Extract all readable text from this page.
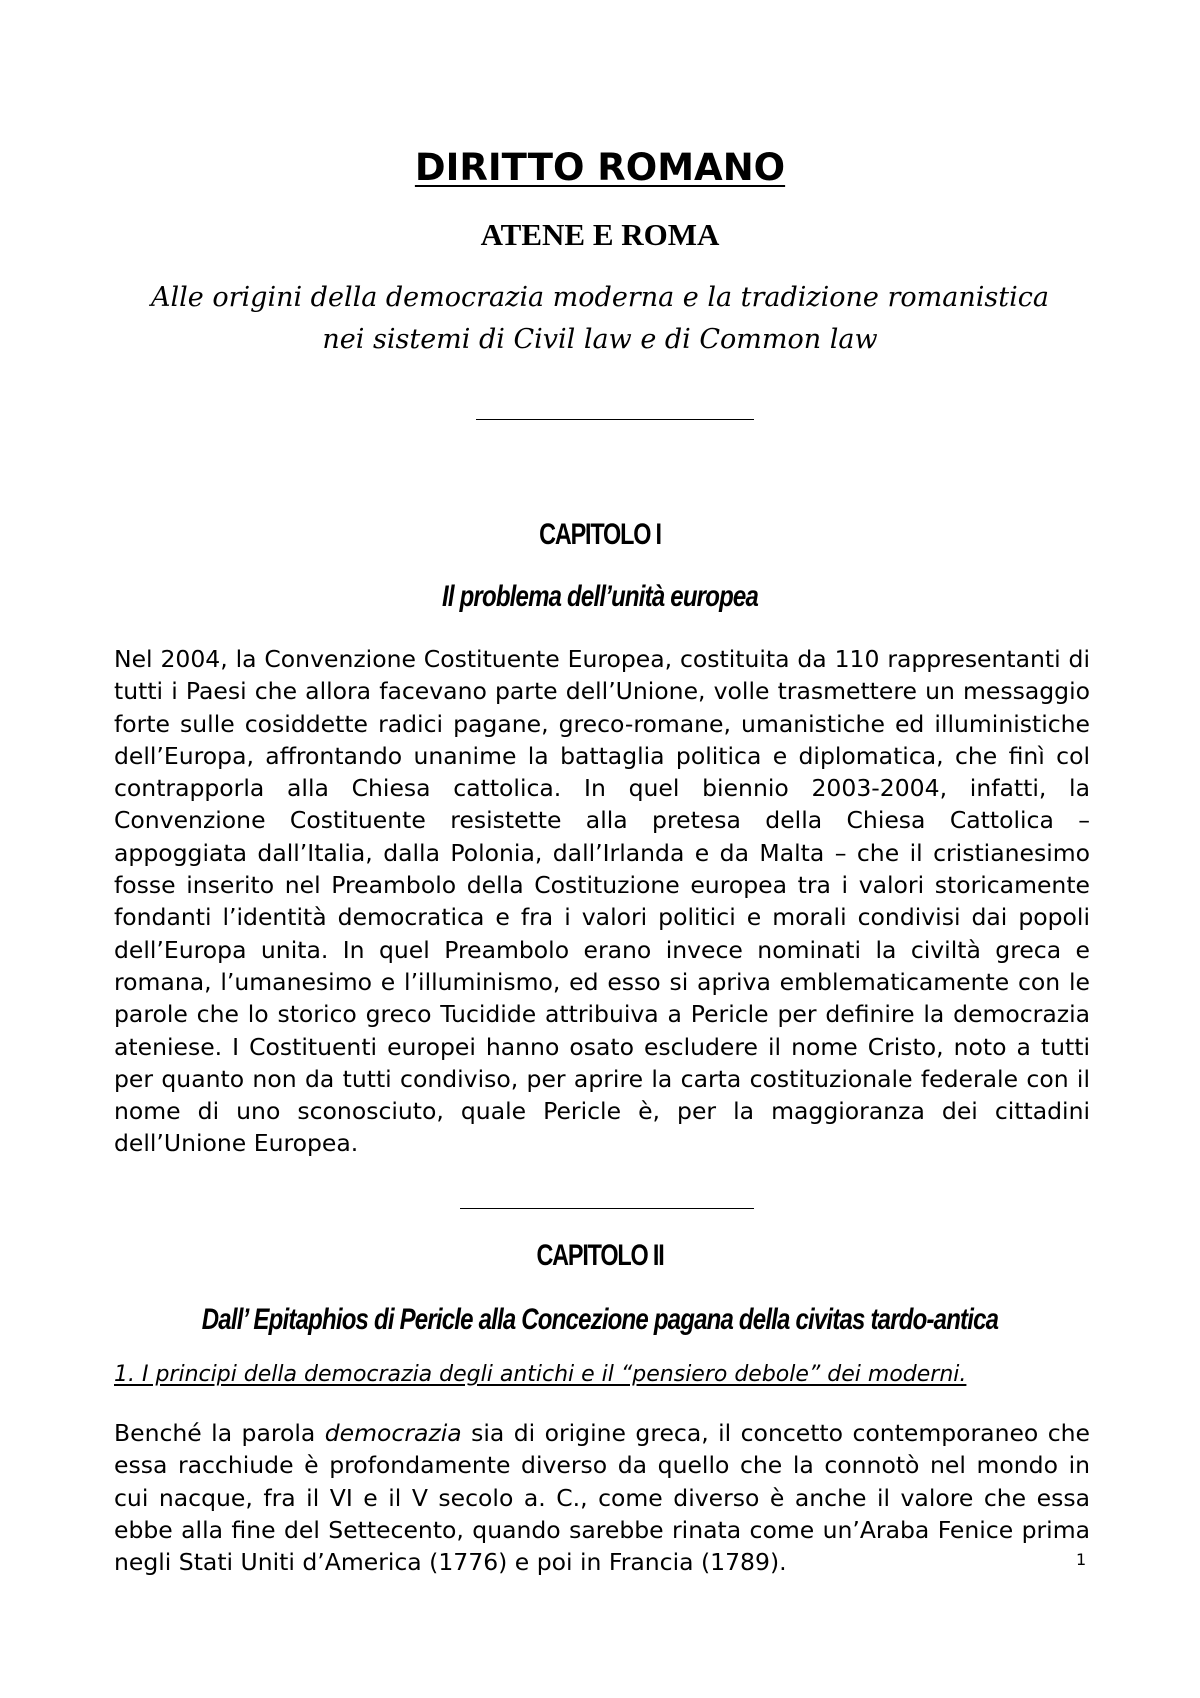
DIRITTO ROMANO
ATENE E ROMA
Alle origini della democrazia moderna e la tradizione romanistica
nei sistemi di Civil law e di Common law
CAPITOLO I
Il problema dell’unità europea
Nel 2004, la Convenzione Costituente Europea, costituita da 110 rappresentanti di tutti i Paesi che allora facevano parte dell’Unione, volle trasmettere un messaggio forte sulle cosiddette radici pagane, greco-romane, umanistiche ed illuministiche dell’Europa, affrontando unanime la battaglia politica e diplomatica, che finì col contrapporla alla Chiesa cattolica. In quel biennio 2003-2004, infatti, la Convenzione Costituente resistette alla pretesa della Chiesa Cattolica – appoggiata dall’Italia, dalla Polonia, dall’Irlanda e da Malta – che il cristianesimo fosse inserito nel Preambolo della Costituzione europea tra i valori storicamente fondanti l’identità democratica e fra i valori politici e morali condivisi dai popoli dell’Europa unita. In quel Preambolo erano invece nominati la civiltà greca e romana, l’umanesimo e l’illuminismo, ed esso si apriva emblematicamente con le parole che lo storico greco Tucidide attribuiva a Pericle per definire la democrazia ateniese. I Costituenti europei hanno osato escludere il nome Cristo, noto a tutti per quanto non da tutti condiviso, per aprire la carta costituzionale federale con il nome di uno sconosciuto, quale Pericle è, per la maggioranza dei cittadini dell’Unione Europea.
CAPITOLO II
Dall’ Epitaphios di Pericle alla Concezione pagana della civitas tardo-antica
1. I principi della democrazia degli antichi e il “pensiero debole” dei moderni.
Benché la parola democrazia sia di origine greca, il concetto contemporaneo che essa racchiude è profondamente diverso da quello che la connotò nel mondo in cui nacque, fra il VI e il V secolo a. C., come diverso è anche il valore che essa ebbe alla fine del Settecento, quando sarebbe rinata come un’Araba Fenice prima negli Stati Uniti d’America (1776) e poi in Francia (1789).	1
